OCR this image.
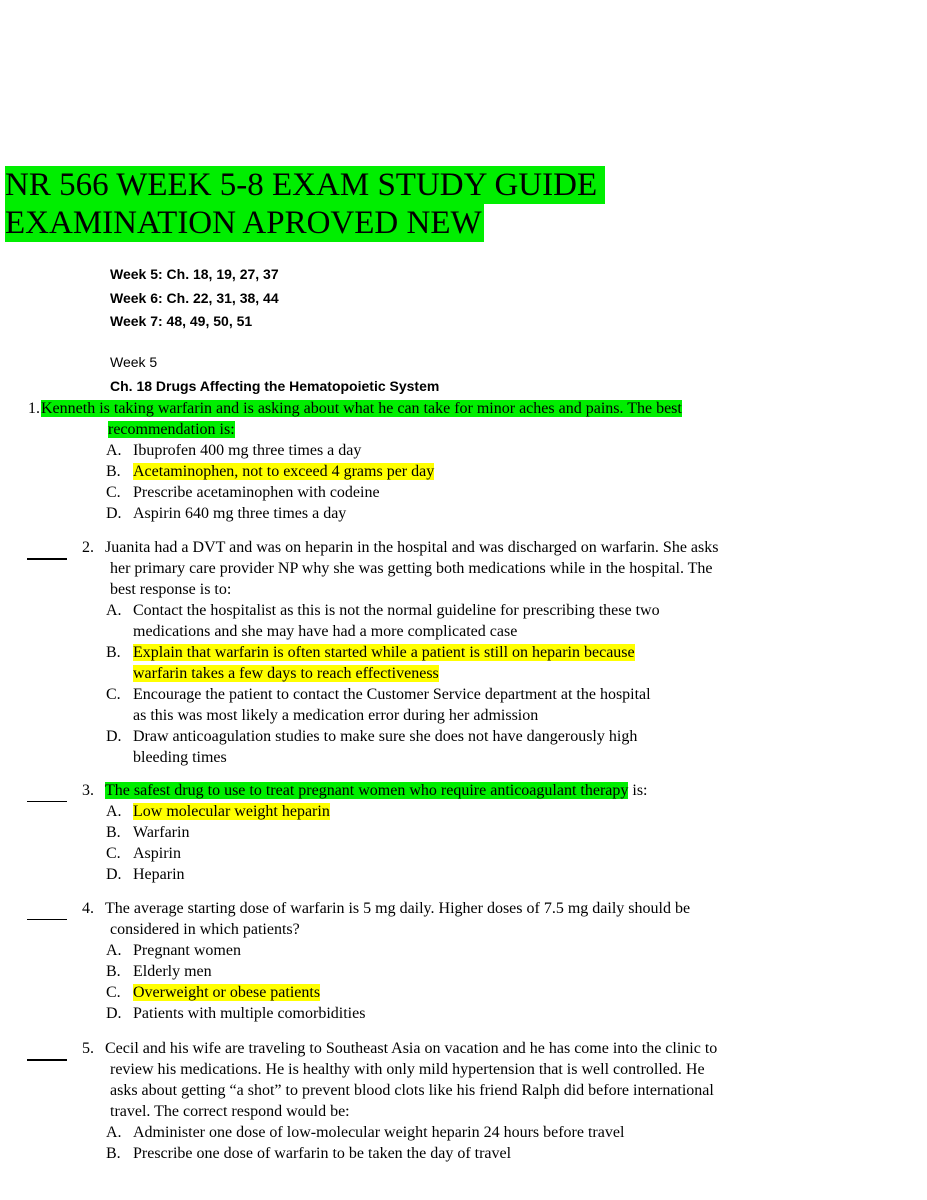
NR 566 WEEK 5-8 EXAM STUDY GUIDE
EXAMINATION APROVED NEW
Week 5: Ch. 18, 19, 27, 37
Week 6: Ch. 22, 31, 38, 44
Week 7: 48, 49, 50, 51
Week 5
Ch. 18 Drugs Affecting the Hematopoietic System
1. Kenneth is taking warfarin and is asking about what he can take for minor aches and pains. The best
recommendation is:
A. Ibuprofen 400 mg three times a day
B. Acetaminophen, not to exceed 4 grams per day
C. Prescribe acetaminophen with codeine
D. Aspirin 640 mg three times a day
2. Juanita had a DVT and was on heparin in the hospital and was discharged on warfarin. She asks
her primary care provider NP why she was getting both medications while in the hospital. The
best response is to:
A. Contact the hospitalist as this is not the normal guideline for prescribing these two
medications and she may have had a more complicated case
B. Explain that warfarin is often started while a patient is still on heparin because
warfarin takes a few days to reach effectiveness
C. Encourage the patient to contact the Customer Service department at the hospital
as this was most likely a medication error during her admission
D. Draw anticoagulation studies to make sure she does not have dangerously high
bleeding times
3. The safest drug to use to treat pregnant women who require anticoagulant therapy is:
A. Low molecular weight heparin
B. Warfarin
C. Aspirin
D. Heparin
4. The average starting dose of warfarin is 5 mg daily. Higher doses of 7.5 mg daily should be
considered in which patients?
A. Pregnant women
B. Elderly men
C. Overweight or obese patients
D. Patients with multiple comorbidities
5. Cecil and his wife are traveling to Southeast Asia on vacation and he has come into the clinic to
review his medications. He is healthy with only mild hypertension that is well controlled. He
asks about getting “a shot” to prevent blood clots like his friend Ralph did before international
travel. The correct respond would be:
A. Administer one dose of low-molecular weight heparin 24 hours before travel
B. Prescribe one dose of warfarin to be taken the day of travel
